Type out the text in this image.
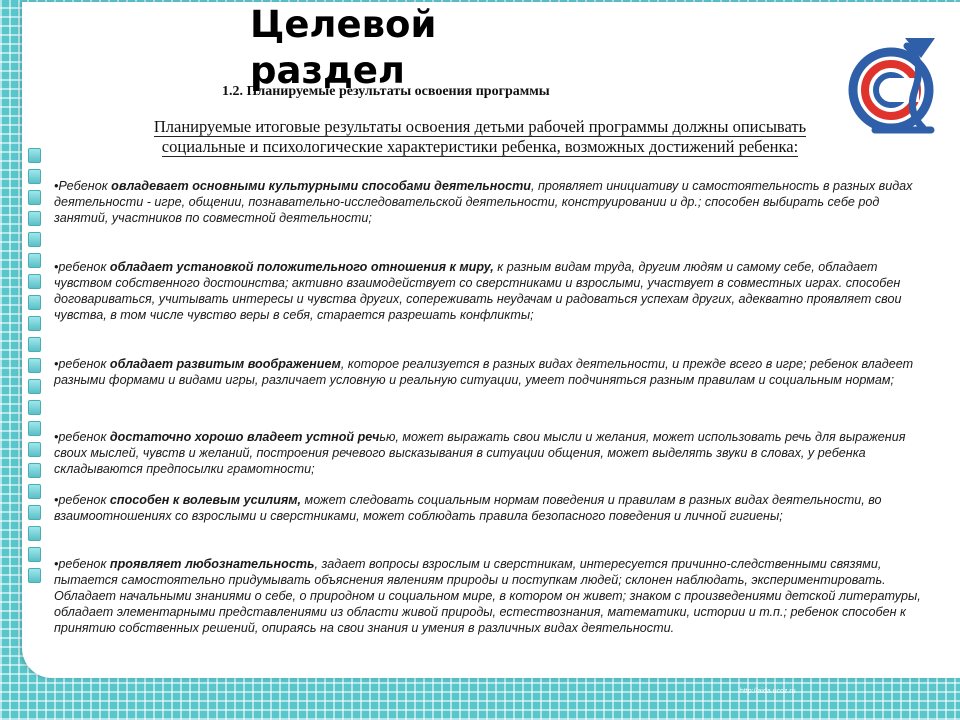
Целевой раздел
1.2. Планируемые результаты освоения программы

Планируемые итоговые результаты освоения детьми рабочей программы должны описывать
социальные и психологические характеристики ребенка, возможных достижений ребенка:

•Ребенок овладевает основными культурными способами деятельности, проявляет инициативу и самостоятельность в разных видах деятельности - игре, общении, познавательно-исследовательской деятельности, конструировании и др.; способен выбирать себе род занятий, участников по совместной деятельности;

•ребенок обладает установкой положительного отношения к миру, к разным видам труда, другим людям и самому себе, обладает чувством собственного достоинства; активно взаимодействует со сверстниками и взрослыми, участвует в совместных играх. способен договариваться, учитывать интересы и чувства других, сопереживать неудачам и радоваться успехам других, адекватно проявляет свои чувства, в том числе чувство веры в себя, старается разрешать конфликты;

•ребенок обладает развитым воображением, которое реализуется в разных видах деятельности, и прежде всего в игре; ребенок владеет разными формами и видами игры, различает условную и реальную ситуации, умеет подчиняться разным правилам и социальным нормам;

•ребенок достаточно хорошо владеет устной речью, может выражать свои мысли и желания, может использовать речь для выражения своих мыслей, чувств и желаний, построения речевого высказывания в ситуации общения, может выделять звуки в словах, у ребенка складываются предпосылки грамотности;

•ребенок способен к волевым усилиям, может следовать социальным нормам поведения и правилам в разных видах деятельности, во взаимоотношениях со взрослыми и сверстниками, может соблюдать правила безопасного поведения и личной гигиены;

•ребенок проявляет любознательность, задает вопросы взрослым и сверстникам, интересуется причинно-следственными связями, пытается самостоятельно придумывать объяснения явлениям природы и поступкам людей; склонен наблюдать, экспериментировать. Обладает начальными знаниями о себе, о природном и социальном мире, в котором он живет; знаком с произведениями детской литературы, обладает элементарными представлениями из области живой природы, естествознания, математики, истории и т.п.; ребенок способен к принятию собственных решений, опираясь на свои знания и умения в различных видах деятельности.

http://aida.ucoz.ru
